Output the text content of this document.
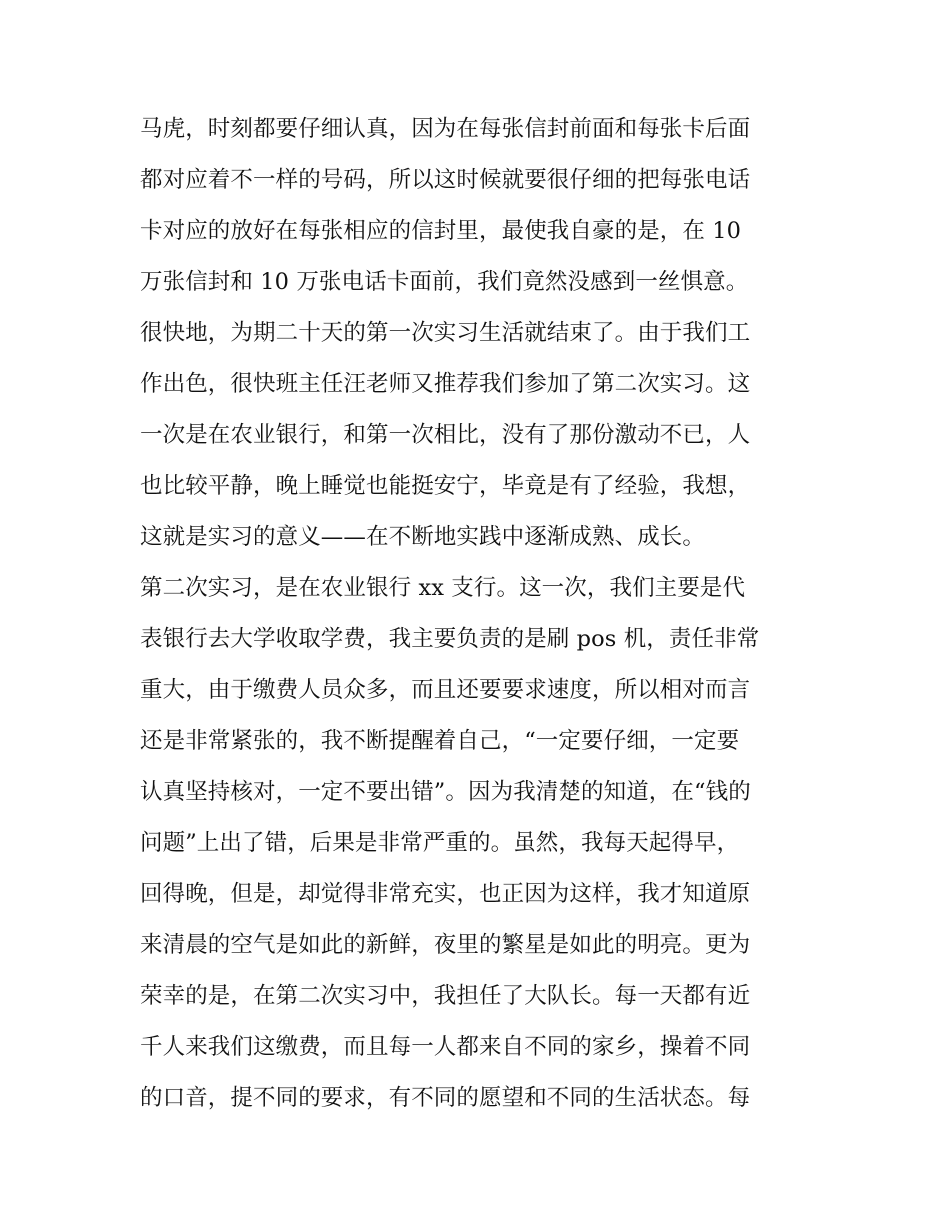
马虎，时刻都要仔细认真，因为在每张信封前面和每张卡后面
都对应着不一样的号码，所以这时候就要很仔细的把每张电话
卡对应的放好在每张相应的信封里，最使我自豪的是，在 10
万张信封和 10 万张电话卡面前，我们竟然没感到一丝惧意。
很快地，为期二十天的第一次实习生活就结束了。由于我们工
作出色，很快班主任汪老师又推荐我们参加了第二次实习。这
一次是在农业银行，和第一次相比，没有了那份激动不已，人
也比较平静，晚上睡觉也能挺安宁，毕竟是有了经验，我想，
这就是实习的意义——在不断地实践中逐渐成熟、成长。
第二次实习，是在农业银行 xx 支行。这一次，我们主要是代
表银行去大学收取学费，我主要负责的是刷 pos 机，责任非常
重大，由于缴费人员众多，而且还要要求速度，所以相对而言
还是非常紧张的，我不断提醒着自己，“一定要仔细，一定要
认真坚持核对，一定不要出错”。因为我清楚的知道，在“钱的
问题”上出了错，后果是非常严重的。虽然，我每天起得早，
回得晚，但是，却觉得非常充实，也正因为这样，我才知道原
来清晨的空气是如此的新鲜，夜里的繁星是如此的明亮。更为
荣幸的是，在第二次实习中，我担任了大队长。每一天都有近
千人来我们这缴费，而且每一人都来自不同的家乡，操着不同
的口音，提不同的要求，有不同的愿望和不同的生活状态。每
